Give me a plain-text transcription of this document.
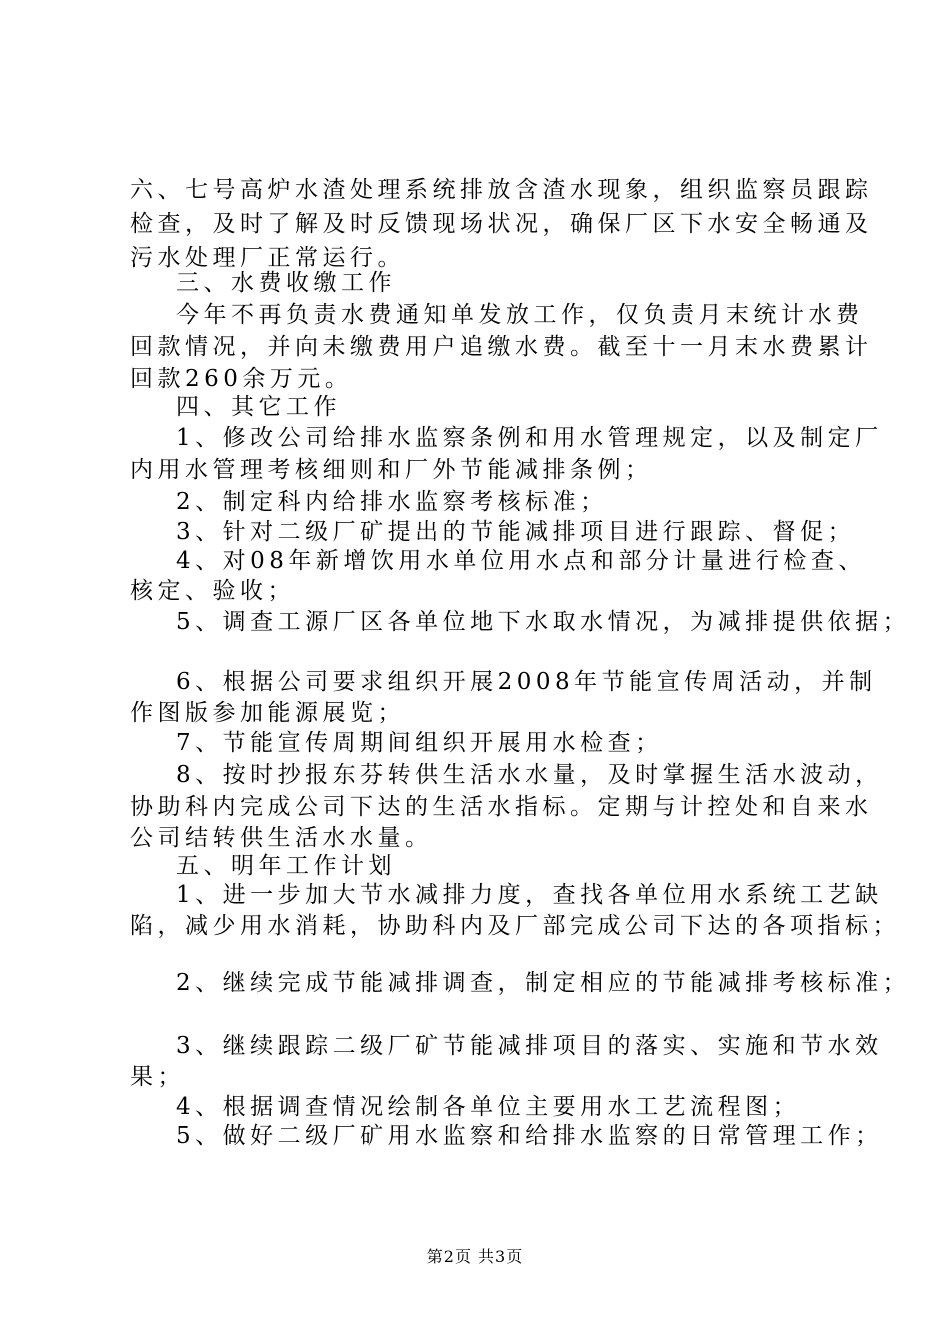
六、七号高炉水渣处理系统排放含渣水现象，组织监察员跟踪
检查，及时了解及时反馈现场状况，确保厂区下水安全畅通及
污水处理厂正常运行。
三、水费收缴工作
今年不再负责水费通知单发放工作，仅负责月末统计水费
回款情况，并向未缴费用户追缴水费。截至十一月末水费累计
回款260余万元。
四、其它工作
1、修改公司给排水监察条例和用水管理规定，以及制定厂
内用水管理考核细则和厂外节能减排条例；
2、制定科内给排水监察考核标准；
3、针对二级厂矿提出的节能减排项目进行跟踪、督促；
4、对08年新增饮用水单位用水点和部分计量进行检查、
核定、验收；
5、调查工源厂区各单位地下水取水情况，为减排提供依据；
6、根据公司要求组织开展2008年节能宣传周活动，并制
作图版参加能源展览；
7、节能宣传周期间组织开展用水检查；
8、按时抄报东芬转供生活水水量，及时掌握生活水波动，
协助科内完成公司下达的生活水指标。定期与计控处和自来水
公司结转供生活水水量。
五、明年工作计划
1、进一步加大节水减排力度，查找各单位用水系统工艺缺
陷，减少用水消耗，协助科内及厂部完成公司下达的各项指标；
2、继续完成节能减排调查，制定相应的节能减排考核标准；
3、继续跟踪二级厂矿节能减排项目的落实、实施和节水效
果；
4、根据调查情况绘制各单位主要用水工艺流程图；
5、做好二级厂矿用水监察和给排水监察的日常管理工作；
第2页 共3页
